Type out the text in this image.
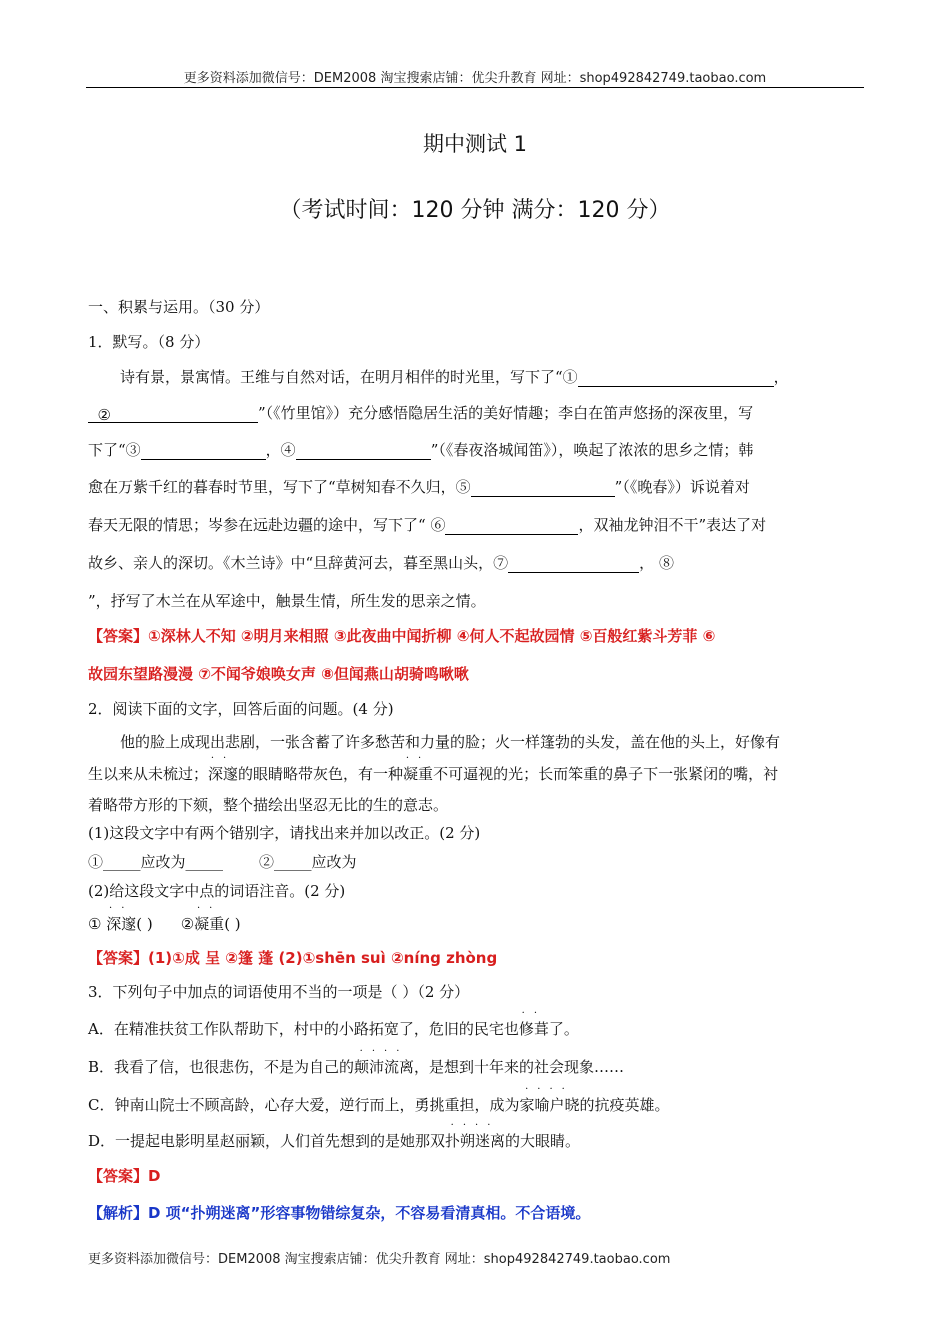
更多资料添加微信号：DEM2008 淘宝搜索店铺：优尖升教育 网址：shop492842749.taobao.com
期中测试 1
（考试时间：120 分钟 满分：120 分）
一、积累与运用。（30 分）
1．默写。（8 分）
诗有景，景寓情。王维与自然对话，在明月相伴的时光里，写下了“①	，
②	”（《竹里馆》）充分感悟隐居生活的美好情趣；李白在笛声悠扬的深夜里，写
下了“③	，④	”（《春夜洛城闻笛》），唤起了浓浓的思乡之情；韩
愈在万紫千红的暮春时节里，写下了“草树知春不久归，⑤	”（《晚春》）诉说着对
春天无限的情思；岑参在远赴边疆的途中，写下了“ ⑥	，双袖龙钟泪不干”表达了对
故乡、亲人的深切。《木兰诗》中“旦辞黄河去，暮至黑山头，⑦	， ⑧
”，抒写了木兰在从军途中，触景生情，所生发的思亲之情。
【答案】①深林人不知 ②明月来相照 ③此夜曲中闻折柳 ④何人不起故园情 ⑤百般红紫斗芳菲 ⑥
故园东望路漫漫 ⑦不闻爷娘唤女声 ⑧但闻燕山胡骑鸣啾啾
2．阅读下面的文字，回答后面的问题。(4 分)
他的脸上成现出悲剧，一张含蓄了许多愁苦和力量的脸；火一样篷勃的头发，盖在他的头上，好像有
生以来从未梳过；
··
深邃的眼睛略带灰色，有一种
··
凝重不可逼视的光；长而笨重的鼻子下一张紧闭的嘴，衬
着略带方形的下颏，整个描绘出坚忍无比的生的意志。
(1)这段文字中有两个错别字，请找出来并加以改正。(2 分)
①_____应改为_____ ②_____应改为
(2)给这段文字中点的词语注音。(2 分)
①
··
深邃( ) ②
··
凝重( )
【答案】(1)①成 呈 ②篷 蓬 (2)①shēn suì ②níng zhòng
3．下列句子中加点的词语使用不当的一项是（ ）（2 分）
A．在精准扶贫工作队帮助下，村中的小路拓宽了，危旧的民宅也
··
修葺了。
B．我看了信，也很悲伤，不是为自己的
····
颠沛流离，是想到十年来的社会现象……
C．钟南山院士不顾高龄，心存大爱，逆行而上，勇挑重担，成为
····
家喻户晓的抗疫英雄。
D．一提起电影明星赵丽颖，人们首先想到的是她那双
····
扑朔迷离的大眼睛。
【答案】D
【解析】D 项“扑朔迷离”形容事物错综复杂，不容易看清真相。不合语境。
更多资料添加微信号：DEM2008 淘宝搜索店铺：优尖升教育 网址：shop492842749.taobao.com
